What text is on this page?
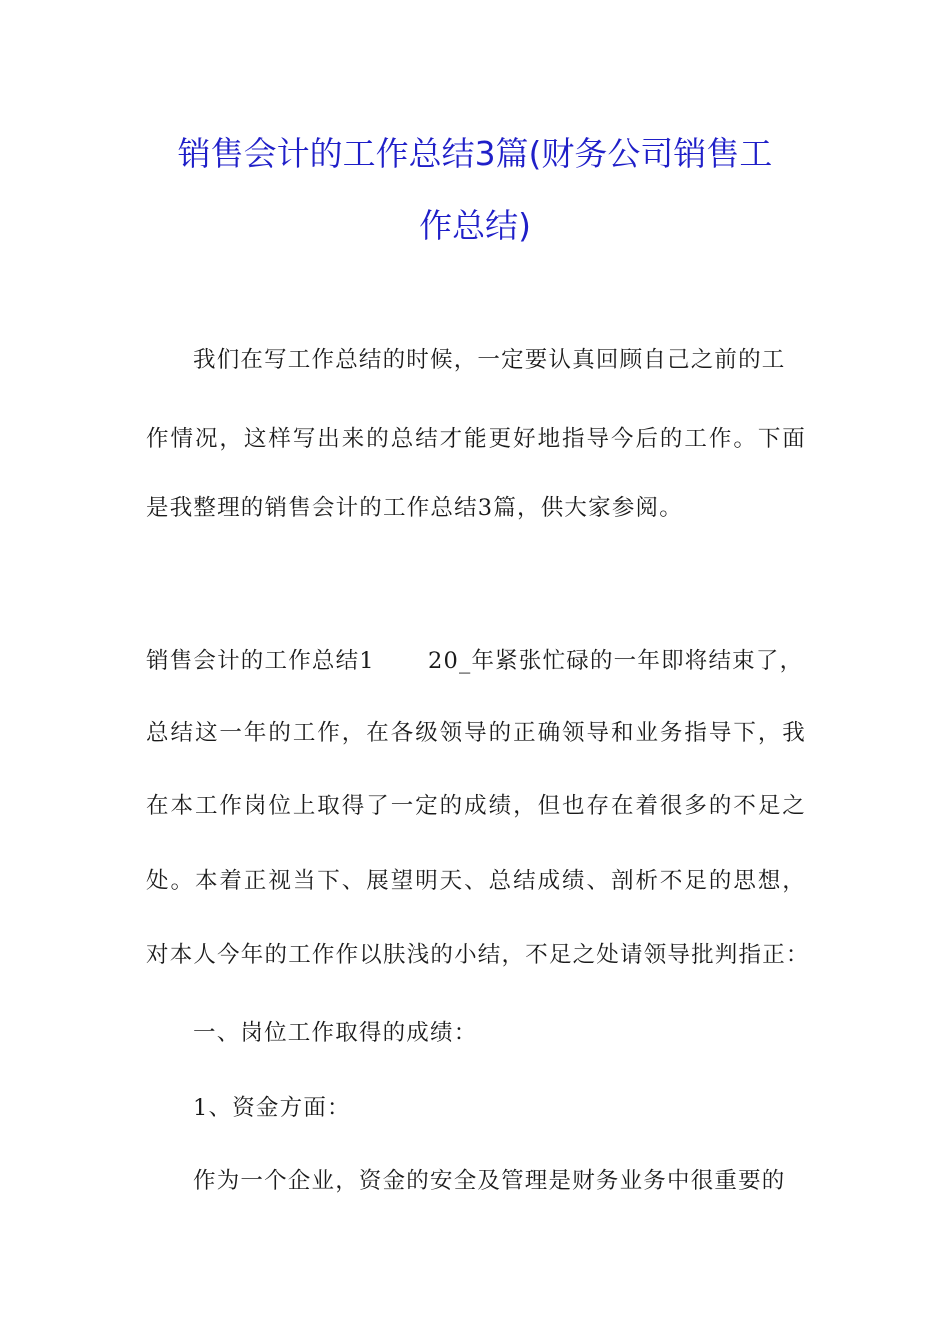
销售会计的工作总结3篇(财务公司销售工
作总结)
我们在写工作总结的时候，一定要认真回顾自己之前的工
作情况，这样写出来的总结才能更好地指导今后的工作。下面
是我整理的销售会计的工作总结3篇，供大家参阅。
销售会计的工作总结1 20_年紧张忙碌的一年即将结束了，
总结这一年的工作，在各级领导的正确领导和业务指导下，我
在本工作岗位上取得了一定的成绩，但也存在着很多的不足之
处。本着正视当下、展望明天、总结成绩、剖析不足的思想，
对本人今年的工作作以肤浅的小结，不足之处请领导批判指正：
一、岗位工作取得的成绩：
1、资金方面：
作为一个企业，资金的安全及管理是财务业务中很重要的
